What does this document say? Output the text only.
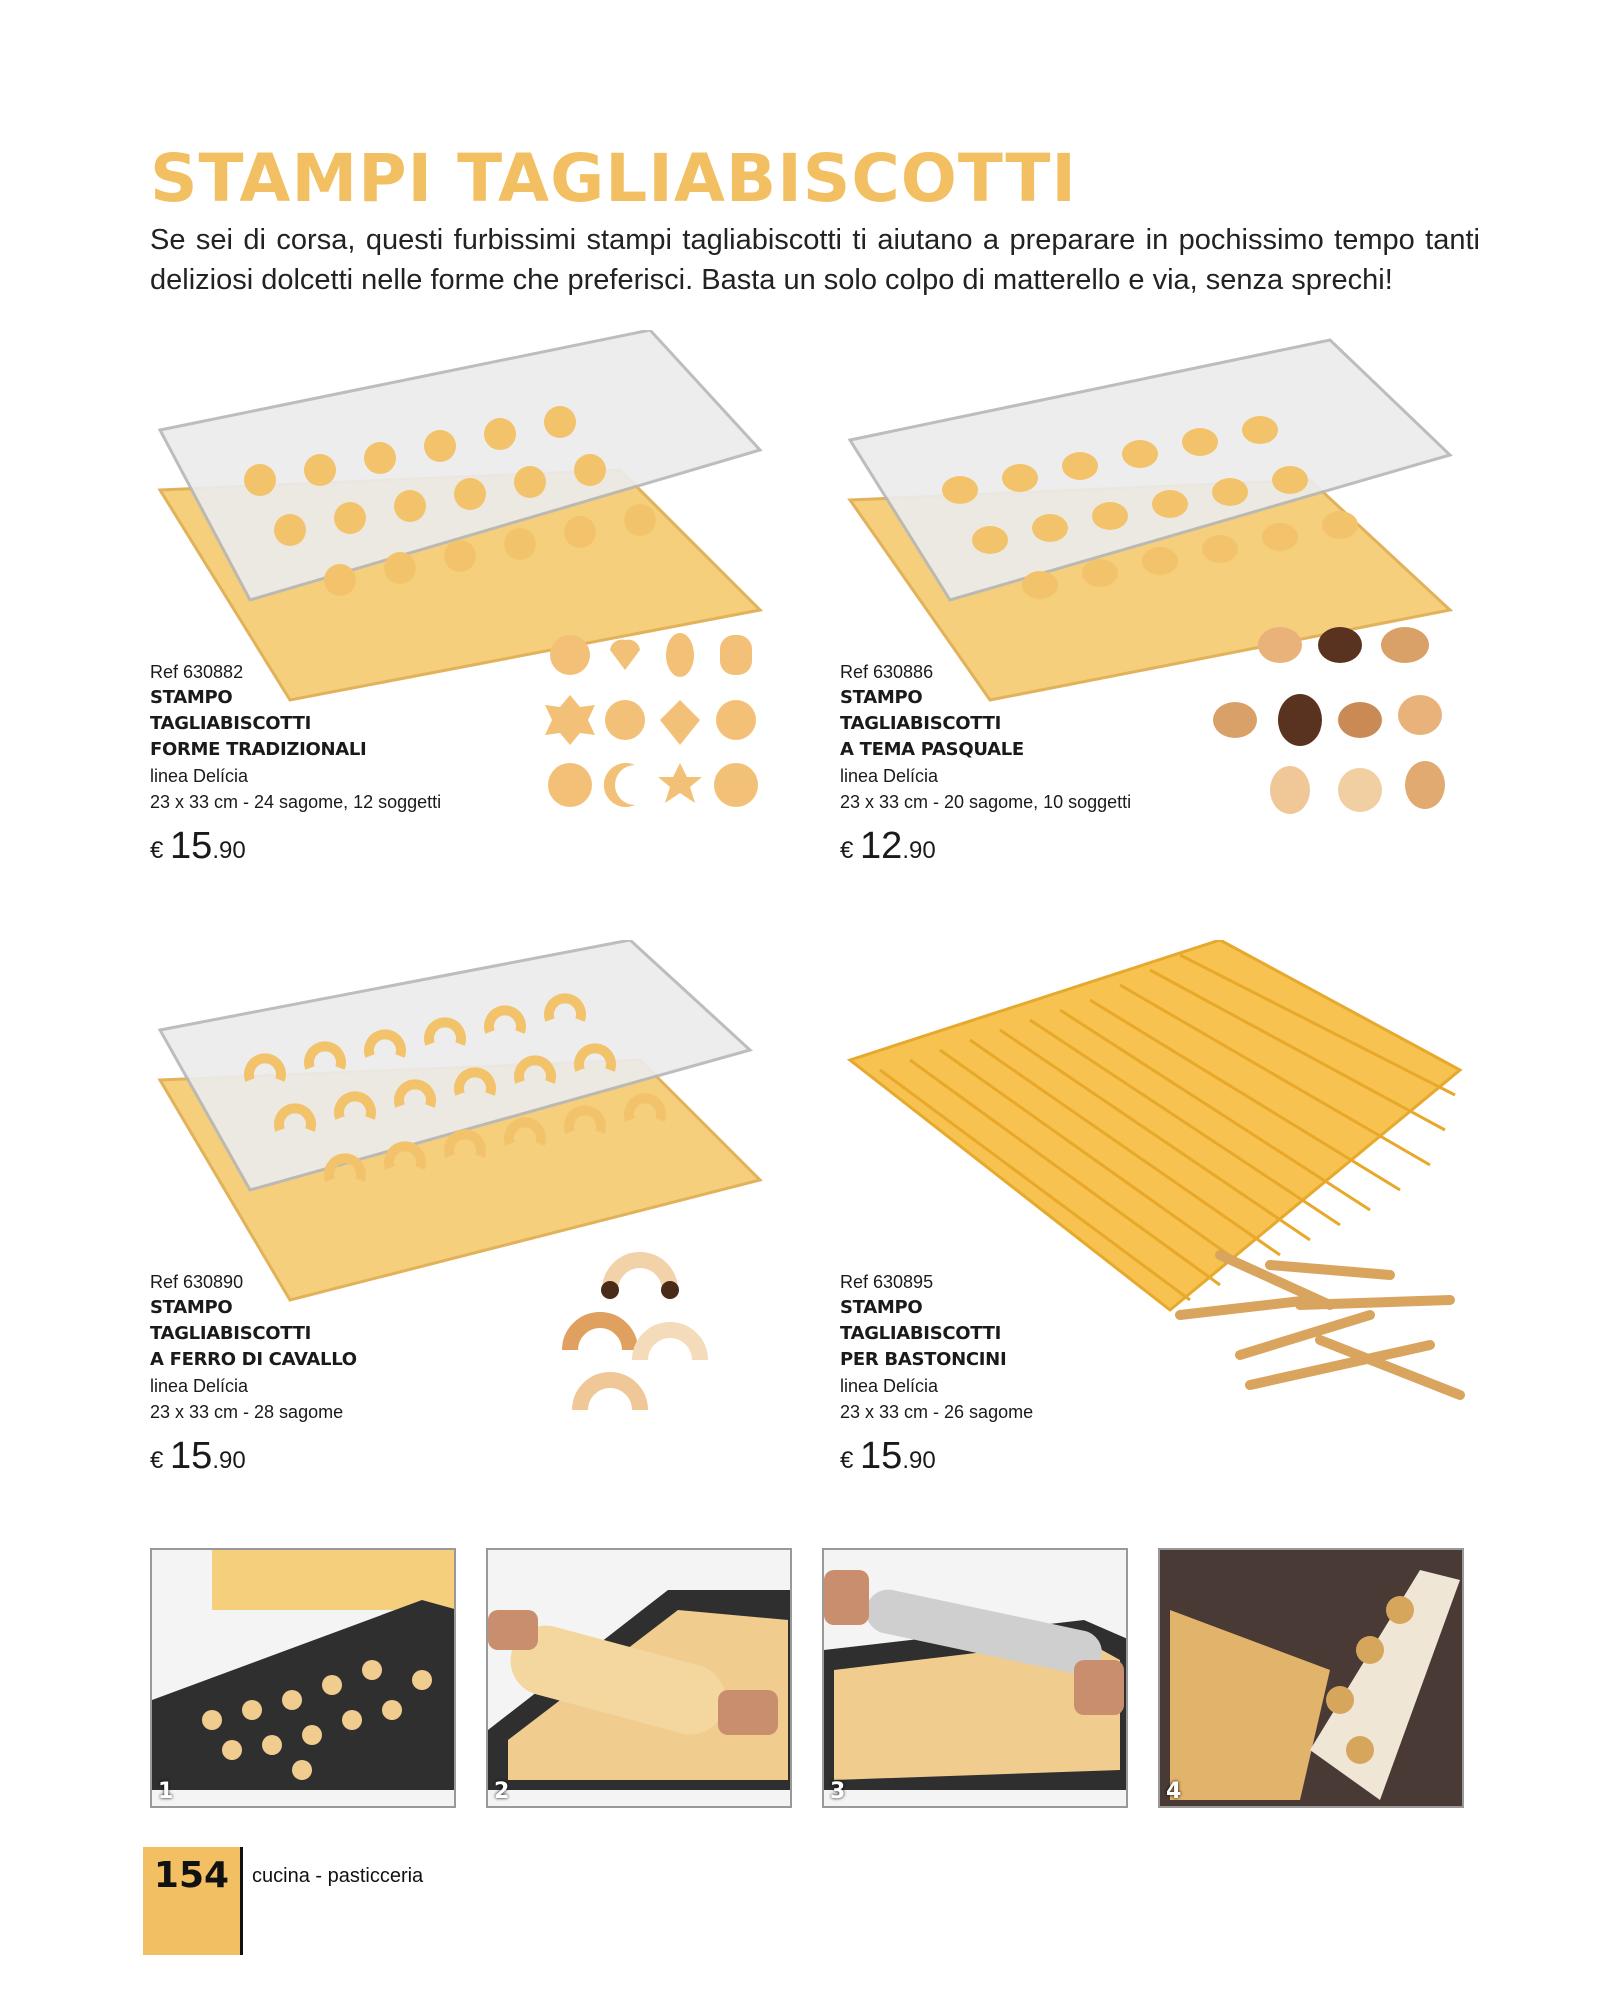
STAMPI TAGLIABISCOTTI

Se sei di corsa, questi furbissimi stampi tagliabiscotti ti aiutano a preparare in pochissimo tempo tanti deliziosi dolcetti nelle forme che preferisci. Basta un solo colpo di matterello e via, senza sprechi!

Ref 630882
STAMPO
TAGLIABISCOTTI
FORME TRADIZIONALI
linea Delícia
23 x 33 cm - 24 sagome, 12 soggetti
€ 15.90
Ref 630886
STAMPO
TAGLIABISCOTTI
A TEMA PASQUALE
linea Delícia
23 x 33 cm - 20 sagome, 10 soggetti
€ 12.90
Ref 630890
STAMPO
TAGLIABISCOTTI
A FERRO DI CAVALLO
linea Delícia
23 x 33 cm - 28 sagome
€ 15.90
Ref 630895
STAMPO
TAGLIABISCOTTI
PER BASTONCINI
linea Delícia
23 x 33 cm - 26 sagome
€ 15.90
1	2	3	4
154	cucina - pasticceria
